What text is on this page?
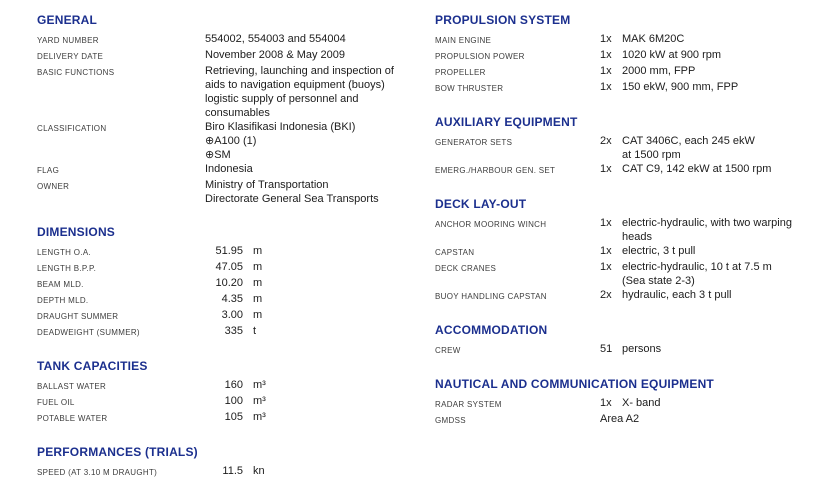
GENERAL
YARD NUMBER	554002, 554003 and 554004
DELIVERY DATE	November 2008 & May 2009
BASIC FUNCTIONS	Retrieving, launching and inspection of
aids to navigation equipment (buoys)
logistic supply of personnel and
consumables
CLASSIFICATION	Biro Klasifikasi Indonesia (BKI)
⊕A100 (1)
⊕SM
FLAG	Indonesia
OWNER	Ministry of Transportation
Directorate General Sea Transports
DIMENSIONS
LENGTH O.A.	51.95 m
LENGTH B.P.P.	47.05 m
BEAM MLD.	10.20 m
DEPTH MLD.	4.35 m
DRAUGHT SUMMER	3.00 m
DEADWEIGHT (SUMMER)	335 t
TANK CAPACITIES
BALLAST WATER	160 m³
FUEL OIL	100 m³
POTABLE WATER	105 m³
PERFORMANCES (TRIALS)
SPEED (AT 3.10 M DRAUGHT)	11.5 kn
PROPULSION SYSTEM
MAIN ENGINE	1x MAK 6M20C
PROPULSION POWER	1x 1020 kW at 900 rpm
PROPELLER	1x 2000 mm, FPP
BOW THRUSTER	1x 150 ekW, 900 mm, FPP
AUXILIARY EQUIPMENT
GENERATOR SETS	2x CAT 3406C, each 245 ekW
at 1500 rpm
EMERG./HARBOUR GEN. SET	1x CAT C9, 142 ekW at 1500 rpm
DECK LAY-OUT
ANCHOR MOORING WINCH	1x electric-hydraulic, with two warping
heads
CAPSTAN	1x electric, 3 t pull
DECK CRANES	1x electric-hydraulic, 10 t at 7.5 m
(Sea state 2-3)
BUOY HANDLING CAPSTAN	2x hydraulic, each 3 t pull
ACCOMMODATION
CREW	51 persons
NAUTICAL AND COMMUNICATION EQUIPMENT
RADAR SYSTEM	1x X- band
GMDSS	Area A2
